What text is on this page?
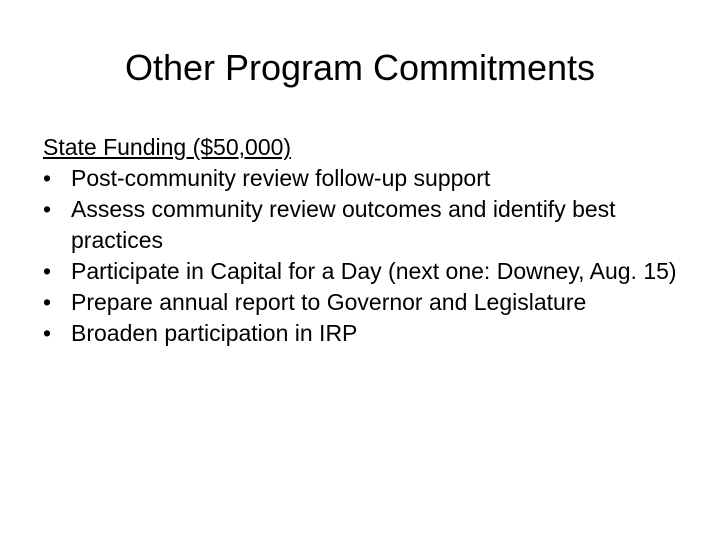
Other Program Commitments
State Funding ($50,000)
• Post-community review follow-up support
• Assess community review outcomes and identify best practices
• Participate in Capital for a Day (next one: Downey, Aug. 15)
• Prepare annual report to Governor and Legislature
• Broaden participation in IRP
